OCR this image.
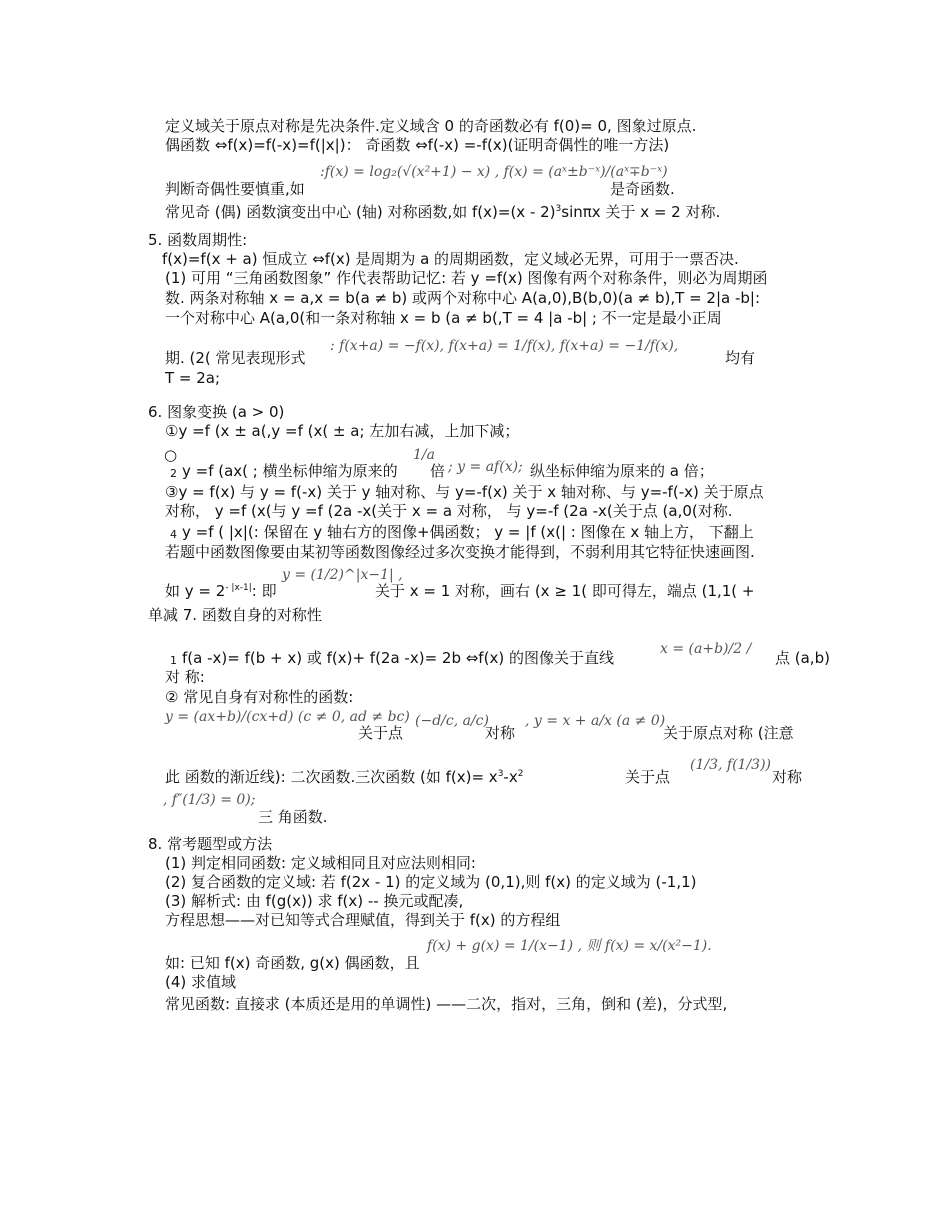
定义域关于原点对称是先决条件.定义域含 0 的奇函数必有 f(0)= 0, 图象过原点.
偶函数 ⇔f(x)=f(-x)=f(|x|)： 奇函数 ⇔f(-x) =-f(x)(证明奇偶性的唯一方法)
判断奇偶性要慎重,如
:f(x) = log₂(√(x²+1) − x) , f(x) = (aˣ±b⁻ˣ)/(aˣ∓b⁻ˣ)
是奇函数.
常见奇 (偶) 函数演变出中心 (轴) 对称函数,如 f(x)=(x - 2)$^3$sinπx 关于 x = 2 对称.
5. 函数周期性:
f(x)=f(x + a) 恒成立 ⇔f(x) 是周期为 a 的周期函数，定义域必无界，可用于一票否决.
(1) 可用 “三角函数图象” 作代表帮助记忆: 若 y =f(x) 图像有两个对称条件，则必为周期函
数. 两条对称轴 x = a,x = b(a ≠ b) 或两个对称中心 A(a,0),B(b,0)(a ≠ b),T = 2|a -b|:
一个对称中心 A(a,0(和一条对称轴 x = b (a ≠ b(,T = 4 |a -b| ; 不一定是最小正周
期. (2( 常见表现形式
: f(x+a) = −f(x), f(x+a) = 1/f(x), f(x+a) = −1/f(x),
均有
T = 2a;
6. 图象变换 (a > 0)
①y =f (x ± a(,y =f (x( ± a; 左加右减，上加下减；
○
2 y =f (ax( ; 横坐标伸缩为原来的
1/a
倍 ; y = af(x); 纵坐标伸缩为原来的 a 倍；
③y = f(x) 与 y = f(-x) 关于 y 轴对称、与 y=-f(x) 关于 x 轴对称、与 y=-f(-x) 关于原点
对称， y =f (x(与 y =f (2a -x(关于 x = a 对称， 与 y=-f (2a -x(关于点 (a,0(对称.
4 y =f ( |x|(: 保留在 y 轴右方的图像+偶函数； y = |f (x(| : 图像在 x 轴上方， 下翻上
若题中函数图像要由某初等函数图像经过多次变换才能得到，不弱利用其它特征快速画图.
如 $y = 2^{- |x-1|}$: 即
y = (1/2)^|x−1| ,
关于 x = 1 对称，画右 (x ≥ 1( 即可得左，端点 (1,1( +
单减 7. 函数自身的对称性
1 f(a -x)= f(b + x) 或 f(x)+ f(2a -x)= 2b ⇔f(x) 的图像关于直线	x = (a+b)/2 / 点 (a,b)
对 称:
② 常见自身有对称性的函数:
y = (ax+b)/(cx+d) (c ≠ 0, ad ≠ bc)
关于点
(−d/c, a/c)
对称
, y = x + a/x (a ≠ 0)
关于原点对称 (注意
此 函数的渐近线): 二次函数.三次函数 (如 $f(x)= x^3-x^2$	关于点
(1/3, f(1/3))
对称
, f″(1/3) = 0);
三 角函数.
8. 常考题型或方法
(1) 判定相同函数: 定义域相同且对应法则相同:
(2) 复合函数的定义域: 若 f(2x - 1) 的定义域为 (0,1),则 f(x) 的定义域为 (-1,1)
(3) 解析式: 由 f(g(x)) 求 f(x) -- 换元或配凑,
方程思想——对已知等式合理赋值，得到关于 f(x) 的方程组
如: 已知 f(x) 奇函数, g(x) 偶函数，且
f(x) + g(x) = 1/(x−1) , 则 f(x) = x/(x²−1).
(4) 求值域
常见函数: 直接求 (本质还是用的单调性) ——二次，指对，三角，倒和 (差)，分式型,
